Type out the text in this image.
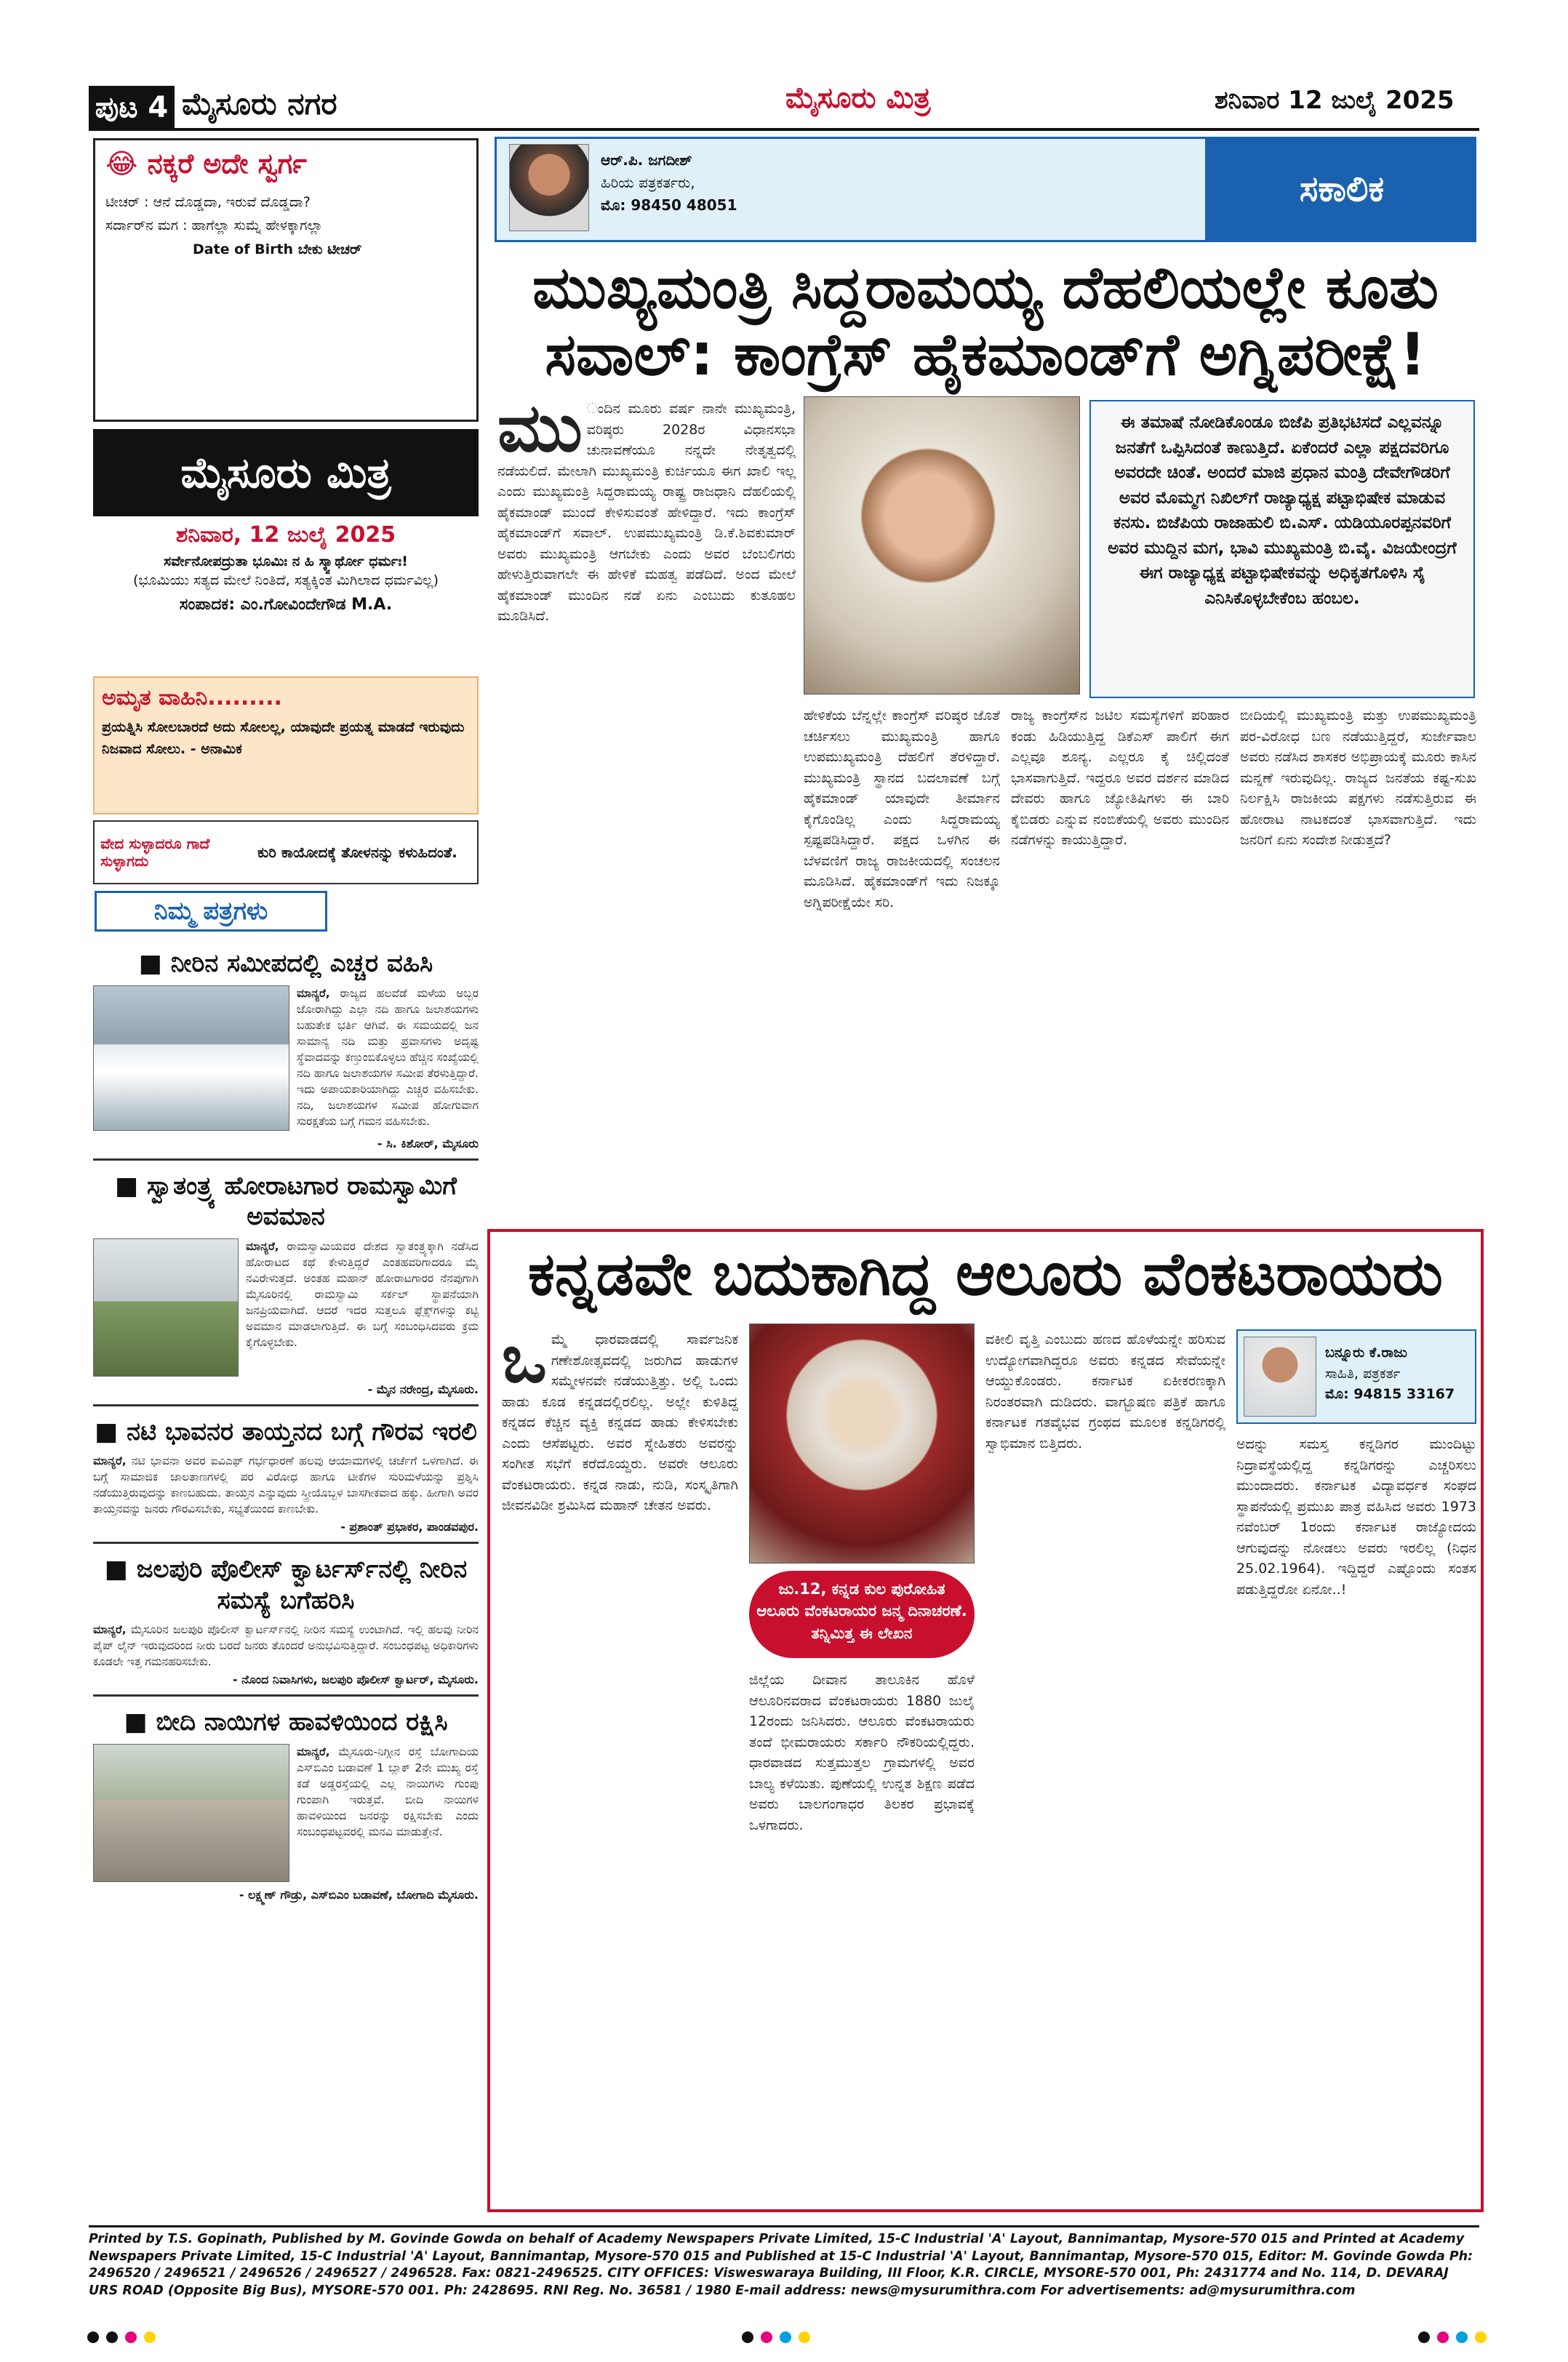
ಪುಟ 4 ಮೈಸೂರು ನಗರ	ಮೈಸೂರು ಮಿತ್ರ	ಶನಿವಾರ 12 ಜುಲೈ 2025
😂 ನಕ್ಕರೆ ಅದೇ ಸ್ವರ್ಗ
ಟೀಚರ್ : ಆನೆ ದೊಡ್ಡದಾ, ಇರುವೆ ದೊಡ್ಡದಾ?
ಸರ್ದಾರ್‌ನ ಮಗ : ಹಾಗೆಲ್ಲಾ ಸುಮ್ನೆ ಹೇಳಕ್ಕಾಗಲ್ಲಾ
Date of Birth ಬೇಕು ಟೀಚರ್
ಮೈಸೂರು ಮಿತ್ರ
ಶನಿವಾರ, 12 ಜುಲೈ 2025
ಸರ್ವೇನೋಪದ್ರುತಾ ಭೂಮಿಃ ನ ಹಿ ಸ್ಕ್ವಾರ್ಥೋ ಧರ್ಮಃ!
(ಭೂಮಿಯು ಸತ್ಯದ ಮೇಲೆ ನಿಂತಿದೆ, ಸತ್ಯಕ್ಕಿಂತ ಮಿಗಿಲಾದ ಧರ್ಮವಿಲ್ಲ)
ಸಂಪಾದಕ: ಎಂ.ಗೋವಿಂದೇಗೌಡ M.A.
ಅಮೃತ ವಾಹಿನಿ.........
ಪ್ರಯತ್ನಿಸಿ ಸೋಲಬಾರದೆ ಅದು ಸೋಲಲ್ಲ, ಯಾವುದೇ ಪ್ರಯತ್ನ ಮಾಡದೆ ಇರುವುದು ನಿಜವಾದ ಸೋಲು. - ಅನಾಮಿಕ
ವೇದ ಸುಳ್ಳಾದರೂ ಗಾದೆ ಸುಳ್ಳಾಗದು	ಕುರಿ ಕಾಯೋದಕ್ಕೆ ತೋಳನನ್ನು ಕಳುಹಿದಂತೆ.
ನಿಮ್ಮ ಪತ್ರಗಳು
■ ನೀರಿನ ಸಮೀಪದಲ್ಲಿ ಎಚ್ಚರ ವಹಿಸಿ
ಮಾನ್ಯರೆ, ರಾಜ್ಯದ ಹಲವೆಡೆ ಮಳೆಯ ಅಬ್ಬರ ಜೋರಾಗಿದ್ದು ಎಲ್ಲಾ ನದಿ ಹಾಗೂ ಜಲಾಶಯಗಳು ಬಹುತೇಕ ಭರ್ತಿ ಆಗಿವೆ. ಈ ಸಮಯದಲ್ಲಿ ಜನ ಸಾಮಾನ್ಯ ನದಿ ಮತ್ತು ಪ್ರವಾಸಗಳು ಅದೃಷ್ಟ ಸ್ಥೆವಾದವನ್ನು ಕಣ್ತುಂಬಿಕೊಳ್ಳಲು ಹೆಚ್ಚಿನ ಸಂಖ್ಯೆಯಲ್ಲಿ ನದಿ ಹಾಗೂ ಜಲಾಶಯಗಳ ಸಮೀಪ ತೆರಳುತ್ತಿದ್ದಾರೆ. ಇದು ಅಪಾಯಕಾರಿಯಾಗಿದ್ದು ಎಚ್ಚರ ವಹಿಸಬೇಕು. ನದಿ, ಜಲಾಶಯಗಳ ಸಮೀಪ ಹೋಗುವಾಗ ಸುರಕ್ಷತೆಯ ಬಗ್ಗೆ ಗಮನ ವಹಿಸಬೇಕು.
- ಸಿ. ಕಿಶೋರ್, ಮೈಸೂರು
■ ಸ್ವಾತಂತ್ರ್ಯ ಹೋರಾಟಗಾರ ರಾಮಸ್ವಾಮಿಗೆ ಅವಮಾನ
ಮಾನ್ಯರೆ, ರಾಮಸ್ವಾಮಿಯವರ ದೇಶದ ಸ್ವಾತಂತ್ರ್ಯಕ್ಕಾಗಿ ನಡೆಸಿದ ಹೋರಾಟದ ಕಥೆ ಕೇಳುತ್ತಿದ್ದರೆ ಎಂತಹವರಿಗಾದರೂ ಮೈ ನವಿರೇಳುತ್ತದೆ. ಅಂತಹ ಮಹಾನ್ ಹೋರಾಟಗಾರರ ನೆನಪುಗಾಗಿ ಮೈಸೂರಿನಲ್ಲಿ ರಾಮಸ್ವಾಮಿ ಸರ್ಕಲ್ ಸ್ಥಾಪನೆಯಾಗಿ ಜನಪ್ರಿಯವಾಗಿದೆ. ಆದರೆ ಇದರ ಸುತ್ತಲೂ ಫ್ಲೆಕ್ಸ್‌ಗಳನ್ನು ಕಟ್ಟಿ ಅವಮಾನ ಮಾಡಲಾಗುತ್ತಿದೆ. ಈ ಬಗ್ಗೆ ಸಂಬಂಧಿಸಿದವರು ಕ್ರಮ ಕೈಗೊಳ್ಳಬೇಕು.
- ಮೈನ ನರೇಂದ್ರ, ಮೈಸೂರು.
■ ನಟಿ ಭಾವನರ ತಾಯ್ತನದ ಬಗ್ಗೆ ಗೌರವ ಇರಲಿ
ಮಾನ್ಯರೆ, ನಟಿ ಭಾವನಾ ಅವರ ಐವಿಎಫ್ ಗರ್ಭಧಾರಣೆ ಹಲವು ಆಯಾಮಗಳಲ್ಲಿ ಚರ್ಚೆಗೆ ಒಳಗಾಗಿದೆ. ಈ ಬಗ್ಗೆ ಸಾಮಾಜಿಕ ಜಾಲತಾಣಗಳಲ್ಲಿ ಪರ ವಿರೋಧ ಹಾಗೂ ಟೀಕೆಗಳ ಸುರಿಮಳೆಯನ್ನು ಪ್ರಶ್ನಿಸಿ ನಡೆಯುತ್ತಿರುವುದನ್ನು ಕಾಣಬಹುದು. ತಾಯ್ತನ ಎನ್ನುವುದು ಸ್ತ್ರೀಯೊಬ್ಬಳ ಬಾಸಗೀಕವಾದ ಹಕ್ಕು. ಹೀಗಾಗಿ ಅವರ ತಾಯ್ತನವನ್ನು ಜನರು ಗೌರವಿಸಬೇಕು, ಸಭ್ಯತೆಯಿಂದ ಕಾಣಬೇಕು.
- ಪ್ರಶಾಂತ್ ಪ್ರಭಾಕರ, ಪಾಂಡವಪುರ.
■ ಜಲಪುರಿ ಪೊಲೀಸ್ ಕ್ವಾರ್ಟರ್ಸ್‌ನಲ್ಲಿ ನೀರಿನ ಸಮಸ್ಯೆ ಬಗೆಹರಿಸಿ
ಮಾನ್ಯರೆ, ಮೈಸೂರಿನ ಜಲಪುರಿ ಪೊಲೀಸ್ ಕ್ವಾರ್ಟರ್ಸ್‌ನಲ್ಲಿ ನೀರಿನ ಸಮಸ್ಯೆ ಉಂಟಾಗಿದೆ. ಇಲ್ಲಿ ಹಲವು ನೀರಿನ ಪೈಪ್ ಲೈನ್ ಇರುವುದರಿಂದ ನೀರು ಬರದೆ ಜನರು ತೊಂದರೆ ಅನುಭವಿಸುತ್ತಿದ್ದಾರೆ. ಸಂಬಂಧಪಟ್ಟ ಅಧಿಕಾರಿಗಳು ಕೂಡಲೇ ಇತ್ತ ಗಮನಹರಿಸಬೇಕು.
- ನೊಂದ ನಿವಾಸಿಗಳು, ಜಲಪುರಿ ಪೊಲೀಸ್ ಕ್ವಾರ್ಟರ್, ಮೈಸೂರು.
■ ಬೀದಿ ನಾಯಿಗಳ ಹಾವಳಿಯಿಂದ ರಕ್ಷಿಸಿ
ಮಾನ್ಯರೆ, ಮೈಸೂರು-ನಿಗ್ಗೀನ ರಸ್ತೆ ಬೋಗಾದಿಯ ಎಸ್‌ಬಿಎಂ ಬಡಾವಣೆ 1 ಬ್ಲಾಕ್ 2ನೇ ಮುಖ್ಯ ರಸ್ತೆ ಕಡೆ ಅಡ್ಡರಸ್ತೆಯಲ್ಲಿ ಎಲ್ಲ ನಾಯಿಗಳು ಗುಂಪು ಗುಂಪಾಗಿ ಇರುತ್ತವೆ. ಬೀದಿ ನಾಯಿಗಳ ಹಾವಳಿಯಿಂದ ಜನರನ್ನು ರಕ್ಷಿಸಬೇಕು ಎಂದು ಸಂಬಂಧಪಟ್ಟವರಲ್ಲಿ ಮನವಿ ಮಾಡುತ್ತೇನೆ.
- ಲಕ್ಷ್ಮಣ್ ಗೌಡ್ರು, ಎಸ್‌ಬಿಎಂ ಬಡಾವಣೆ, ಬೋಗಾದಿ ಮೈಸೂರು.
ಆರ್.ಪಿ. ಜಗದೀಶ್
ಹಿರಿಯ ಪತ್ರಕರ್ತರು,
ಮೊ: 98450 48051	ಸಕಾಲಿಕ
ಮುಖ್ಯಮಂತ್ರಿ ಸಿದ್ದರಾಮಯ್ಯ ದೆಹಲಿಯಲ್ಲೇ ಕೂತು
ಸವಾಲ್: ಕಾಂಗ್ರೆಸ್ ಹೈಕಮಾಂಡ್‌ಗೆ ಅಗ್ನಿಪರೀಕ್ಷೆ!
ಮು ಂದಿನ ಮೂರು ವರ್ಷ ನಾನೇ ಮುಖ್ಯಮಂತ್ರಿ, ವರಿಷ್ಠರು 2028ರ ವಿಧಾನಸಭಾ ಚುನಾವಣೆಯೂ ನನ್ನದೇ ನೇತೃತ್ವದಲ್ಲಿ ನಡೆಯಲಿದೆ. ಮೇಲಾಗಿ ಮುಖ್ಯಮಂತ್ರಿ ಕುರ್ಚಿಯೂ ಈಗ ಖಾಲಿ ಇಲ್ಲ ಎಂದು ಮುಖ್ಯಮಂತ್ರಿ ಸಿದ್ದರಾಮಯ್ಯ ರಾಷ್ಟ್ರ ರಾಜಧಾನಿ ದೆಹಲಿಯಲ್ಲಿ ಹೈಕಮಾಂಡ್ ಮುಂದೆ ಕೇಳಿಸುವಂತೆ ಹೇಳಿದ್ದಾರೆ. ಇದು ಕಾಂಗ್ರೆಸ್ ಹೈಕಮಾಂಡ್‌ಗೆ ಸವಾಲ್. ಉಪಮುಖ್ಯಮಂತ್ರಿ ಡಿ.ಕೆ.ಶಿವಕುಮಾರ್ ಅವರು ಮುಖ್ಯಮಂತ್ರಿ ಆಗಬೇಕು ಎಂದು ಅವರ ಬೆಂಬಲಿಗರು ಹೇಳುತ್ತಿರುವಾಗಲೇ ಈ ಹೇಳಿಕೆ ಮಹತ್ವ ಪಡೆದಿದೆ. ಅಂದ ಮೇಲೆ ಹೈಕಮಾಂಡ್ ಮುಂದಿನ ನಡೆ ಏನು ಎಂಬುದು ಕುತೂಹಲ ಮೂಡಿಸಿದೆ.
ಈ ತಮಾಷೆ ನೋಡಿಕೊಂಡೂ ಬಿಜೆಪಿ ಪ್ರತಿಭಟಿಸದೆ ಎಲ್ಲವನ್ನೂ ಜನತೆಗೆ ಒಪ್ಪಿಸಿದಂತೆ ಕಾಣುತ್ತಿದೆ. ಏಕೆಂದರೆ ಎಲ್ಲಾ ಪಕ್ಷದವರಿಗೂ ಅವರದೇ ಚಿಂತೆ. ಅಂದರೆ ಮಾಜಿ ಪ್ರಧಾನ ಮಂತ್ರಿ ದೇವೇಗೌಡರಿಗೆ ಅವರ ಮೊಮ್ಮಗ ನಿಖಿಲ್‌ಗೆ ರಾಜ್ಯಾಧ್ಯಕ್ಷ ಪಟ್ಟಾಭಿಷೇಕ ಮಾಡುವ ಕನಸು. ಬಿಜೆಪಿಯ ರಾಜಾಹುಲಿ ಬಿ.ಎಸ್. ಯಡಿಯೂರಪ್ಪನವರಿಗೆ ಅವರ ಮುದ್ದಿನ ಮಗ, ಭಾವಿ ಮುಖ್ಯಮಂತ್ರಿ ಬಿ.ವೈ. ವಿಜಯೇಂದ್ರಗೆ ಈಗ ರಾಜ್ಯಾಧ್ಯಕ್ಷ ಪಟ್ಟಾಭಿಷೇಕವನ್ನು ಅಧಿಕೃತಗೊಳಿಸಿ ಸೈ ಎನಿಸಿಕೊಳ್ಳಬೇಕೆಂಬ ಹಂಬಲ.
ಹೇಳಿಕೆಯ ಬೆನ್ನಲ್ಲೇ ಕಾಂಗ್ರೆಸ್ ವರಿಷ್ಠರ ಜೊತೆ ಚರ್ಚಿಸಲು ಮುಖ್ಯಮಂತ್ರಿ ಹಾಗೂ ಉಪಮುಖ್ಯಮಂತ್ರಿ ದೆಹಲಿಗೆ ತೆರಳಿದ್ದಾರೆ. ಮುಖ್ಯಮಂತ್ರಿ ಸ್ಥಾನದ ಬದಲಾವಣೆ ಬಗ್ಗೆ ಹೈಕಮಾಂಡ್ ಯಾವುದೇ ತೀರ್ಮಾನ ಕೈಗೊಂಡಿಲ್ಲ ಎಂದು ಸಿದ್ದರಾಮಯ್ಯ ಸ್ಪಷ್ಟಪಡಿಸಿದ್ದಾರೆ. ಪಕ್ಷದ ಒಳಗಿನ ಈ ಬೆಳವಣಿಗೆ ರಾಜ್ಯ ರಾಜಕೀಯದಲ್ಲಿ ಸಂಚಲನ ಮೂಡಿಸಿದೆ. ಹೈಕಮಾಂಡ್‌ಗೆ ಇದು ನಿಜಕ್ಕೂ ಅಗ್ನಿಪರೀಕ್ಷೆಯೇ ಸರಿ.
ರಾಜ್ಯ ಕಾಂಗ್ರೆಸ್‌ನ ಜಟಿಲ ಸಮಸ್ಯೆಗಳಿಗೆ ಪರಿಹಾರ ಕಂಡು ಹಿಡಿಯುತ್ತಿದ್ದ ಡಿಕೆಎಸ್ ಪಾಲಿಗೆ ಈಗ ಎಲ್ಲವೂ ಶೂನ್ಯ. ಎಲ್ಲರೂ ಕೈ ಚಿಲ್ಲಿದಂತೆ ಭಾಸವಾಗುತ್ತಿದೆ. ಇದ್ದರೂ ಅವರ ದರ್ಶನ ಮಾಡಿದ ದೇವರು ಹಾಗೂ ಜ್ಯೋತಿಷಿಗಳು ಈ ಬಾರಿ ಕೈಬಿಡರು ಎನ್ನುವ ನಂಬಿಕೆಯಲ್ಲಿ ಅವರು ಮುಂದಿನ ನಡೆಗಳನ್ನು ಕಾಯುತ್ತಿದ್ದಾರೆ.
ಬೀದಿಯಲ್ಲಿ ಮುಖ್ಯಮಂತ್ರಿ ಮತ್ತು ಉಪಮುಖ್ಯಮಂತ್ರಿ ಪರ-ವಿರೋಧ ಬಣ ನಡೆಯುತ್ತಿದ್ದರೆ, ಸುರ್ಜೇವಾಲ ಅವರು ನಡೆಸಿದ ಶಾಸಕರ ಅಭಿಪ್ರಾಯಕ್ಕೆ ಮೂರು ಕಾಸಿನ ಮನ್ನಣೆ ಇರುವುದಿಲ್ಲ. ರಾಜ್ಯದ ಜನತೆಯ ಕಷ್ಟ-ಸುಖ ನಿರ್ಲಕ್ಷಿಸಿ ರಾಜಕೀಯ ಪಕ್ಷಗಳು ನಡೆಸುತ್ತಿರುವ ಈ ಹೋರಾಟ ನಾಟಕದಂತೆ ಭಾಸವಾಗುತ್ತಿದೆ. ಇದು ಜನರಿಗೆ ಏನು ಸಂದೇಶ ನೀಡುತ್ತದೆ?
ಕನ್ನಡವೇ ಬದುಕಾಗಿದ್ದ ಆಲೂರು ವೆಂಕಟರಾಯರು
ಒ ಮ್ಮೆ ಧಾರವಾಡದಲ್ಲಿ ಸಾರ್ವಜನಿಕ ಗಣೇಶೋತ್ಸವದಲ್ಲಿ ಜರುಗಿದ ಹಾಡುಗಳ ಸಮ್ಮೇಳನವೇ ನಡೆಯುತ್ತಿತ್ತು. ಅಲ್ಲಿ ಒಂದು ಹಾಡು ಕೂಡ ಕನ್ನಡದಲ್ಲಿರಲಿಲ್ಲ. ಅಲ್ಲೇ ಕುಳಿತಿದ್ದ ಕನ್ನಡದ ಕೆಚ್ಚಿನ ವ್ಯಕ್ತಿ ಕನ್ನಡದ ಹಾಡು ಕೇಳಿಸಬೇಕು ಎಂದು ಆಸೆಪಟ್ಟರು. ಅವರ ಸ್ನೇಹಿತರು ಅವರನ್ನು ಸಂಗೀತ ಸಭೆಗೆ ಕರೆದೊಯ್ದರು. ಅವರೇ ಆಲೂರು ವೆಂಕಟರಾಯರು. ಕನ್ನಡ ನಾಡು, ನುಡಿ, ಸಂಸ್ಕೃತಿಗಾಗಿ ಜೀವನವಿಡೀ ಶ್ರಮಿಸಿದ ಮಹಾನ್ ಚೇತನ ಅವರು.
ಜು.12, ಕನ್ನಡ ಕುಲ ಪುರೋಹಿತ ಆಲೂರು ವೆಂಕಟರಾಯರ ಜನ್ಮ ದಿನಾಚರಣೆ. ತನ್ನಿಮಿತ್ತ ಈ ಲೇಖನ
ಜಿಲ್ಲೆಯ ದೀವಾನ ತಾಲೂಕಿನ ಹೊಳೆ ಆಲೂರಿನವರಾದ ವೆಂಕಟರಾಯರು 1880 ಜುಲೈ 12ರಂದು ಜನಿಸಿದರು. ಆಲೂರು ವೆಂಕಟರಾಯರು ತಂದೆ ಭೀಮರಾಯರು ಸರ್ಕಾರಿ ನೌಕರಿಯಲ್ಲಿದ್ದರು. ಧಾರವಾಡದ ಸುತ್ತಮುತ್ತಲ ಗ್ರಾಮಗಳಲ್ಲಿ ಅವರ ಬಾಲ್ಯ ಕಳೆಯಿತು. ಪುಣೆಯಲ್ಲಿ ಉನ್ನತ ಶಿಕ್ಷಣ ಪಡೆದ ಅವರು ಬಾಲಗಂಗಾಧರ ತಿಲಕರ ಪ್ರಭಾವಕ್ಕೆ ಒಳಗಾದರು.
ವಕೀಲಿ ವೃತ್ತಿ ಎಂಬುದು ಹಣದ ಹೊಳೆಯನ್ನೇ ಹರಿಸುವ ಉದ್ಯೋಗವಾಗಿದ್ದರೂ ಅವರು ಕನ್ನಡದ ಸೇವೆಯನ್ನೇ ಆಯ್ದುಕೊಂಡರು. ಕರ್ನಾಟಕ ಏಕೀಕರಣಕ್ಕಾಗಿ ನಿರಂತರವಾಗಿ ದುಡಿದರು. ವಾಗ್ಭೂಷಣ ಪತ್ರಿಕೆ ಹಾಗೂ ಕರ್ನಾಟಕ ಗತವೈಭವ ಗ್ರಂಥದ ಮೂಲಕ ಕನ್ನಡಿಗರಲ್ಲಿ ಸ್ವಾಭಿಮಾನ ಬಿತ್ತಿದರು.
ಬನ್ನೂರು ಕೆ.ರಾಜು
ಸಾಹಿತಿ, ಪತ್ರಕರ್ತ
ಮೊ: 94815 33167
ಅದನ್ನು ಸಮಸ್ತ ಕನ್ನಡಿಗರ ಮುಂದಿಟ್ಟು ನಿದ್ರಾವಸ್ಥೆಯಲ್ಲಿದ್ದ ಕನ್ನಡಿಗರನ್ನು ಎಚ್ಚರಿಸಲು ಮುಂದಾದರು. ಕರ್ನಾಟಕ ವಿದ್ಯಾವರ್ಧಕ ಸಂಘದ ಸ್ಥಾಪನೆಯಲ್ಲಿ ಪ್ರಮುಖ ಪಾತ್ರ ವಹಿಸಿದ ಅವರು 1973 ನವೆಂಬರ್ 1ರಂದು ಕರ್ನಾಟಕ ರಾಜ್ಯೋದಯ ಆಗುವುದನ್ನು ನೋಡಲು ಅವರು ಇರಲಿಲ್ಲ (ನಿಧನ 25.02.1964). ಇದ್ದಿದ್ದರೆ ಎಷ್ಟೊಂದು ಸಂತಸ ಪಡುತ್ತಿದ್ದರೋ ಏನೋ..!
Printed by T.S. Gopinath, Published by M. Govinde Gowda on behalf of Academy Newspapers Private Limited, 15-C Industrial 'A' Layout, Bannimantap, Mysore-570 015 and Printed at Academy Newspapers Private Limited, 15-C Industrial 'A' Layout, Bannimantap, Mysore-570 015 and Published at 15-C Industrial 'A' Layout, Bannimantap, Mysore-570 015, Editor: M. Govinde Gowda Ph: 2496520 / 2496521 / 2496526 / 2496527 / 2496528. Fax: 0821-2496525. CITY OFFICES: Visweswaraya Building, III Floor, K.R. CIRCLE, MYSORE-570 001, Ph: 2431774 and No. 114, D. DEVARAJ URS ROAD (Opposite Big Bus), MYSORE-570 001. Ph: 2428695. RNI Reg. No. 36581 / 1980 E-mail address: news@mysurumithra.com For advertisements: ad@mysurumithra.com
